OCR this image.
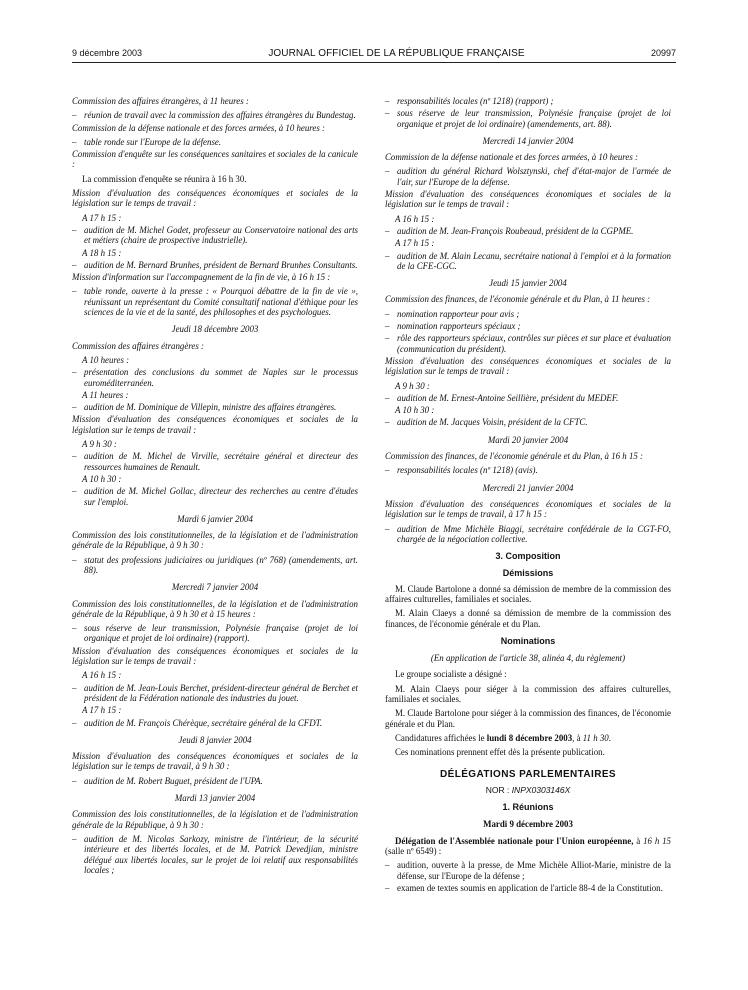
9 décembre 2003	JOURNAL OFFICIEL DE LA RÉPUBLIQUE FRANÇAISE	20997

Commission des affaires étrangères, à 11 heures :

– réunion de travail avec la commission des affaires étrangères du Bundestag.

Commission de la défense nationale et des forces armées, à 10 heures :

– table ronde sur l'Europe de la défense.

Commission d'enquête sur les conséquences sanitaires et sociales de la canicule :

La commission d'enquête se réunira à 16 h 30.

Mission d'évaluation des conséquences économiques et sociales de la législation sur le temps de travail :

A 17 h 15 :
– audition de M. Michel Godet, professeur au Conservatoire national des arts et métiers (chaire de prospective industrielle).
A 18 h 15 :
– audition de M. Bernard Brunhes, président de Bernard Brunhes Consultants.

Mission d'information sur l'accompagnement de la fin de vie, à 16 h 15 :

– table ronde, ouverte à la presse : « Pourquoi débattre de la fin de vie », réunissant un représentant du Comité consultatif national d'éthique pour les sciences de la vie et de la santé, des philosophes et des psychologues.
Jeudi 18 décembre 2003

Commission des affaires étrangères :

A 10 heures :
– présentation des conclusions du sommet de Naples sur le processus euroméditerranéen.
A 11 heures :
– audition de M. Dominique de Villepin, ministre des affaires étrangères.

Mission d'évaluation des conséquences économiques et sociales de la législation sur le temps de travail :

A 9 h 30 :
– audition de M. Michel de Virville, secrétaire général et directeur des ressources humaines de Renault.
A 10 h 30 :
– audition de M. Michel Gollac, directeur des recherches au centre d'études sur l'emploi.
Mardi 6 janvier 2004

Commission des lois constitutionnelles, de la législation et de l'administration générale de la République, à 9 h 30 :

– statut des professions judiciaires ou juridiques (nº 768) (amendements, art. 88).
Mercredi 7 janvier 2004

Commission des lois constitutionnelles, de la législation et de l'administration générale de la République, à 9 h 30 et à 15 heures :

– sous réserve de leur transmission, Polynésie française (projet de loi organique et projet de loi ordinaire) (rapport).

Mission d'évaluation des conséquences économiques et sociales de la législation sur le temps de travail :

A 16 h 15 :
– audition de M. Jean-Louis Berchet, président-directeur général de Berchet et président de la Fédération nationale des industries du jouet.
A 17 h 15 :
– audition de M. François Chérèque, secrétaire général de la CFDT.
Jeudi 8 janvier 2004

Mission d'évaluation des conséquences économiques et sociales de la législation sur le temps de travail, à 9 h 30 :

– audition de M. Robert Buguet, président de l'UPA.
Mardi 13 janvier 2004

Commission des lois constitutionnelles, de la législation et de l'administration générale de la République, à 9 h 30 :

– audition de M. Nicolas Sarkozy, ministre de l'intérieur, de la sécurité intérieure et des libertés locales, et de M. Patrick Devedjian, ministre délégué aux libertés locales, sur le projet de loi relatif aux responsabilités locales ;
– responsabilités locales (nº 1218) (rapport) ;
– sous réserve de leur transmission, Polynésie française (projet de loi organique et projet de loi ordinaire) (amendements, art. 88).
Mercredi 14 janvier 2004

Commission de la défense nationale et des forces armées, à 10 heures :

– audition du général Richard Wolsztynski, chef d'état-major de l'armée de l'air, sur l'Europe de la défense.

Mission d'évaluation des conséquences économiques et sociales de la législation sur le temps de travail :

A 16 h 15 :
– audition de M. Jean-François Roubeaud, président de la CGPME.
A 17 h 15 :
– audition de M. Alain Lecanu, secrétaire national à l'emploi et à la formation de la CFE-CGC.
Jeudi 15 janvier 2004

Commission des finances, de l'économie générale et du Plan, à 11 heures :

– nomination rapporteur pour avis ;
– nomination rapporteurs spéciaux ;
– rôle des rapporteurs spéciaux, contrôles sur pièces et sur place et évaluation (communication du président).

Mission d'évaluation des conséquences économiques et sociales de la législation sur le temps de travail :

A 9 h 30 :
– audition de M. Ernest-Antoine Seillière, président du MEDEF.
A 10 h 30 :
– audition de M. Jacques Voisin, président de la CFTC.
Mardi 20 janvier 2004

Commission des finances, de l'économie générale et du Plan, à 16 h 15 :

– responsabilités locales (nº 1218) (avis).
Mercredi 21 janvier 2004

Mission d'évaluation des conséquences économiques et sociales de la législation sur le temps de travail, à 17 h 15 :

– audition de Mme Michèle Biaggi, secrétaire confédérale de la CGT-FO, chargée de la négociation collective.
3. Composition
Démissions

M. Claude Bartolone a donné sa démission de membre de la commission des affaires culturelles, familiales et sociales.

M. Alain Claeys a donné sa démission de membre de la commission des finances, de l'économie générale et du Plan.

Nominations
(En application de l'article 38, alinéa 4, du règlement)

Le groupe socialiste a désigné :

M. Alain Claeys pour siéger à la commission des affaires culturelles, familiales et sociales.

M. Claude Bartolone pour siéger à la commission des finances, de l'économie générale et du Plan.

Candidatures affichées le lundi 8 décembre 2003, à 11 h 30.

Ces nominations prennent effet dès la présente publication.

DÉLÉGATIONS PARLEMENTAIRES
NOR : INPX0303146X
1. Réunions
Mardi 9 décembre 2003

Délégation de l'Assemblée nationale pour l'Union européenne, à 16 h 15 (salle nº 6549) :

– audition, ouverte à la presse, de Mme Michèle Alliot-Marie, ministre de la défense, sur l'Europe de la défense ;
– examen de textes soumis en application de l'article 88-4 de la Constitution.
